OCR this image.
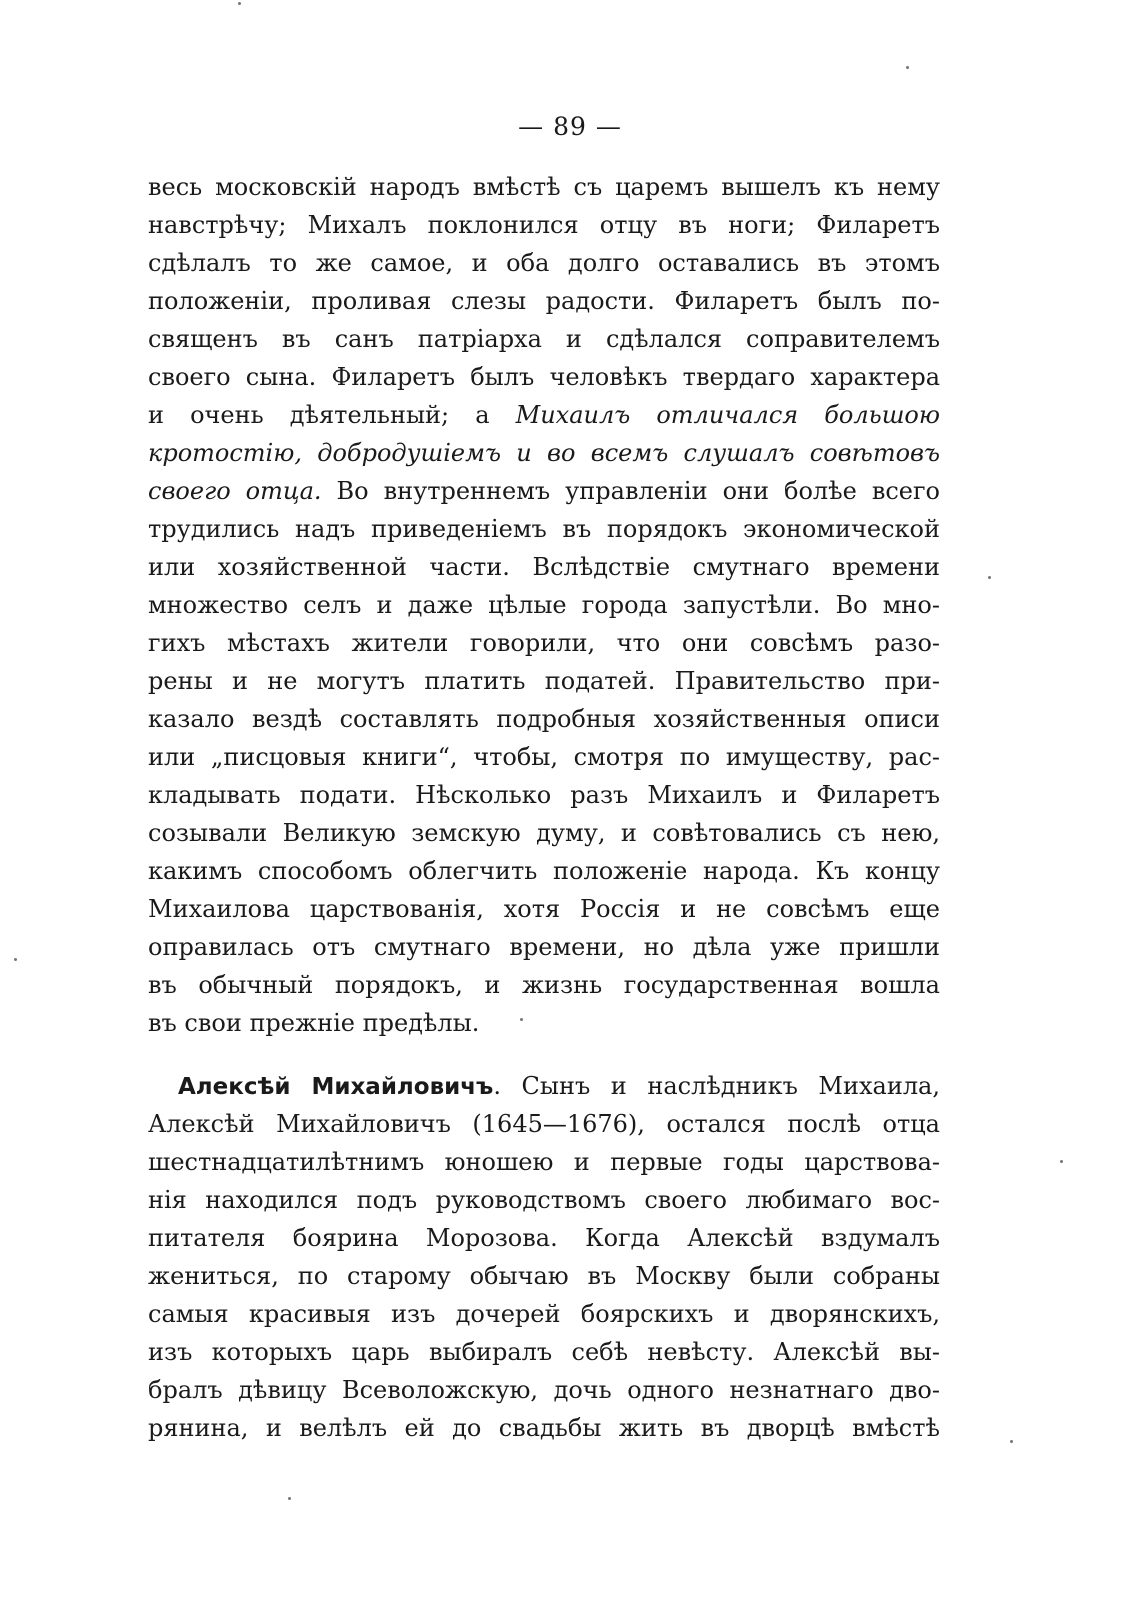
— 89 —
весь московскій народъ вмѣстѣ съ царемъ вышелъ къ нему
навстрѣчу; Михалъ поклонился отцу въ ноги; Филаретъ
сдѣлалъ то же самое, и оба долго оставались въ этомъ
положеніи, проливая слезы радости. Филаретъ былъ по-
священъ въ санъ патріарха и сдѣлался соправителемъ
своего сына. Филаретъ былъ человѣкъ твердаго характера
и очень дѣятельный; а Михаилъ отличался большою
кротостію, добродушіемъ и во всемъ слушалъ совѣтовъ
своего отца. Во внутреннемъ управленіи они болѣе всего
трудились надъ приведеніемъ въ порядокъ экономической
или хозяйственной части. Вслѣдствіе смутнаго времени
множество селъ и даже цѣлые города запустѣли. Во мно-
гихъ мѣстахъ жители говорили, что они совсѣмъ разо-
рены и не могутъ платить податей. Правительство при-
казало вездѣ составлять подробныя хозяйственныя описи
или „писцовыя книги“, чтобы, смотря по имуществу, рас-
кладывать подати. Нѣсколько разъ Михаилъ и Филаретъ
созывали Великую земскую думу, и совѣтовались съ нею,
какимъ способомъ облегчить положеніе народа. Къ концу
Михаилова царствованія, хотя Россія и не совсѣмъ еще
оправилась отъ смутнаго времени, но дѣла уже пришли
въ обычный порядокъ, и жизнь государственная вошла
въ свои прежніе предѣлы.
Алексѣй Михайловичъ. Сынъ и наслѣдникъ Михаила,
Алексѣй Михайловичъ (1645—1676), остался послѣ отца
шестнадцатилѣтнимъ юношею и первые годы царствова-
нія находился подъ руководствомъ своего любимаго вос-
питателя боярина Морозова. Когда Алексѣй вздумалъ
жениться, по старому обычаю въ Москву были собраны
самыя красивыя изъ дочерей боярскихъ и дворянскихъ,
изъ которыхъ царь выбиралъ себѣ невѣсту. Алексѣй вы-
бралъ дѣвицу Всеволожскую, дочь одного незнатнаго дво-
рянина, и велѣлъ ей до свадьбы жить въ дворцѣ вмѣстѣ
